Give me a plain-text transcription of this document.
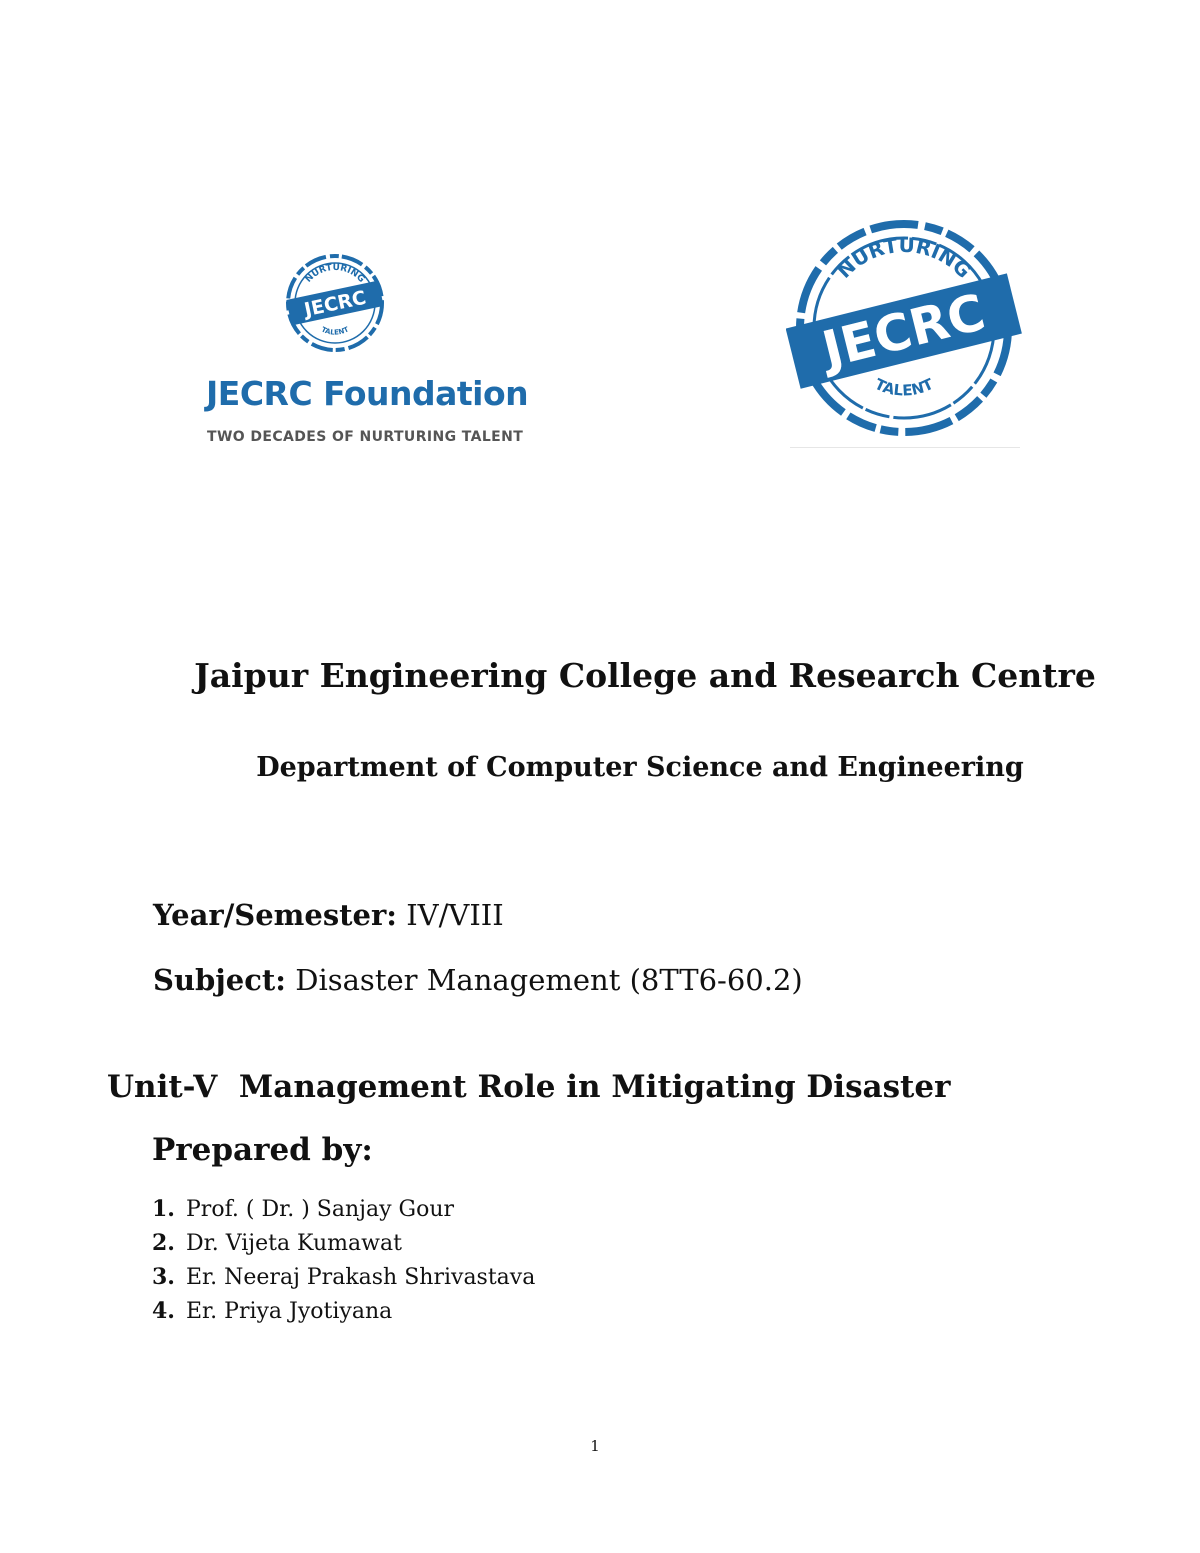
NURTURING
JECRC
TALENT
JECRC Foundation
TWO DECADES OF NURTURING TALENT
NURTURING
JECRC
TALENT
Jaipur Engineering College and Research Centre
Department of Computer Science and Engineering
Year/Semester: IV/VIII
Subject: Disaster Management (8TT6-60.2)
Unit-V  Management Role in Mitigating Disaster
Prepared by:
1. Prof. ( Dr. ) Sanjay Gour
2. Dr. Vijeta Kumawat
3. Er. Neeraj Prakash Shrivastava
4. Er. Priya Jyotiyana
1
